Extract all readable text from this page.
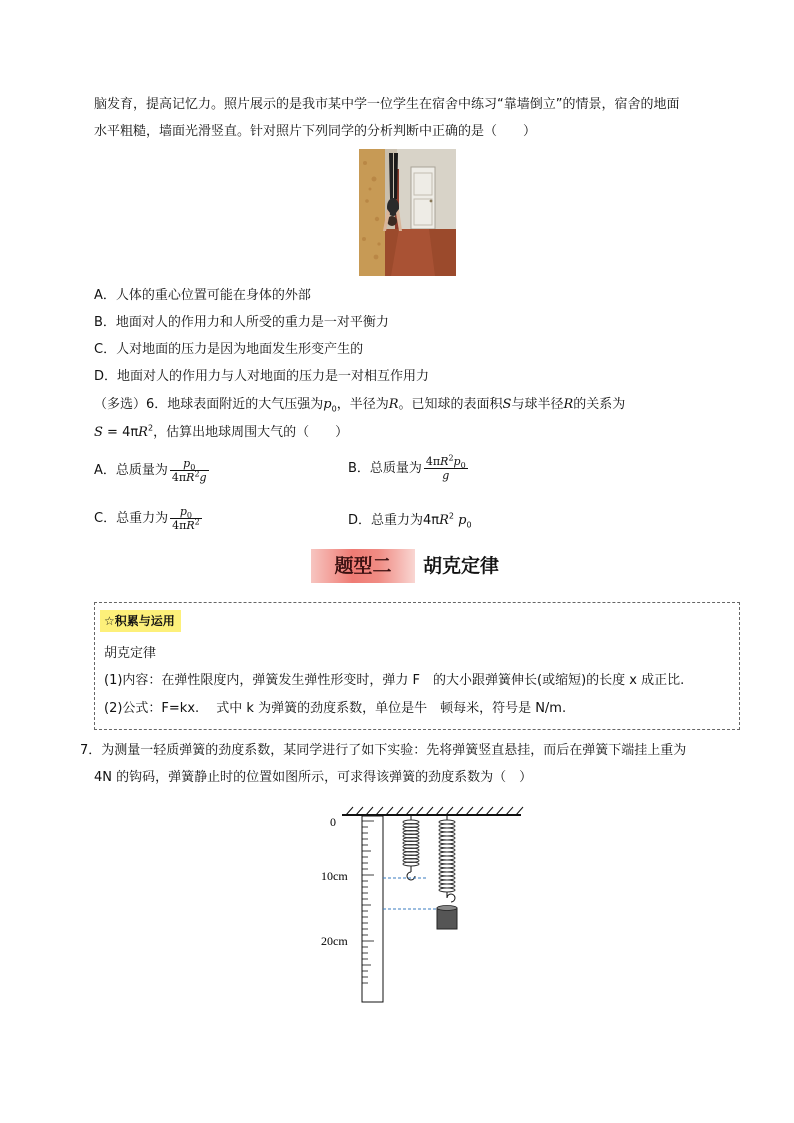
脑发育，提高记忆力。照片展示的是我市某中学一位学生在宿舍中练习“靠墙倒立”的情景，宿舍的地面
水平粗糙，墙面光滑竖直。针对照片下列同学的分析判断中正确的是（　　）
A．人体的重心位置可能在身体的外部
B．地面对人的作用力和人所受的重力是一对平衡力
C．人对地面的压力是因为地面发生形变产生的
D．地面对人的作用力与人对地面的压力是一对相互作用力
（多选）6．地球表面附近的大气压强为$p_0$，半径为R。已知球的表面积S与球半径R的关系为
$S = 4\pi R^2$，估算出地球周围大气的（　　）
A．总质量为 $\frac{p_0}{4\pi R^2g}$	B．总质量为 $\frac{4\pi R^2p_0}{g}$
C．总重力为 $\frac{p_0}{4\pi R^2}$	D．总重力为$4\pi R^2$ $p_0$
题型二	胡克定律
☆积累与运用
胡克定律
(1)内容：在弹性限度内，弹簧发生弹性形变时，弹力 F　的大小跟弹簧伸长(或缩短)的长度 x 成正比.
(2)公式：F=kx.　 式中 k 为弹簧的劲度系数，单位是牛　顿每米，符号是 N/m.
7．为测量一轻质弹簧的劲度系数，某同学进行了如下实验：先将弹簧竖直悬挂，而后在弹簧下端挂上重为
4N 的钩码，弹簧静止时的位置如图所示，可求得该弹簧的劲度系数为（　）
0
10cm
20cm
